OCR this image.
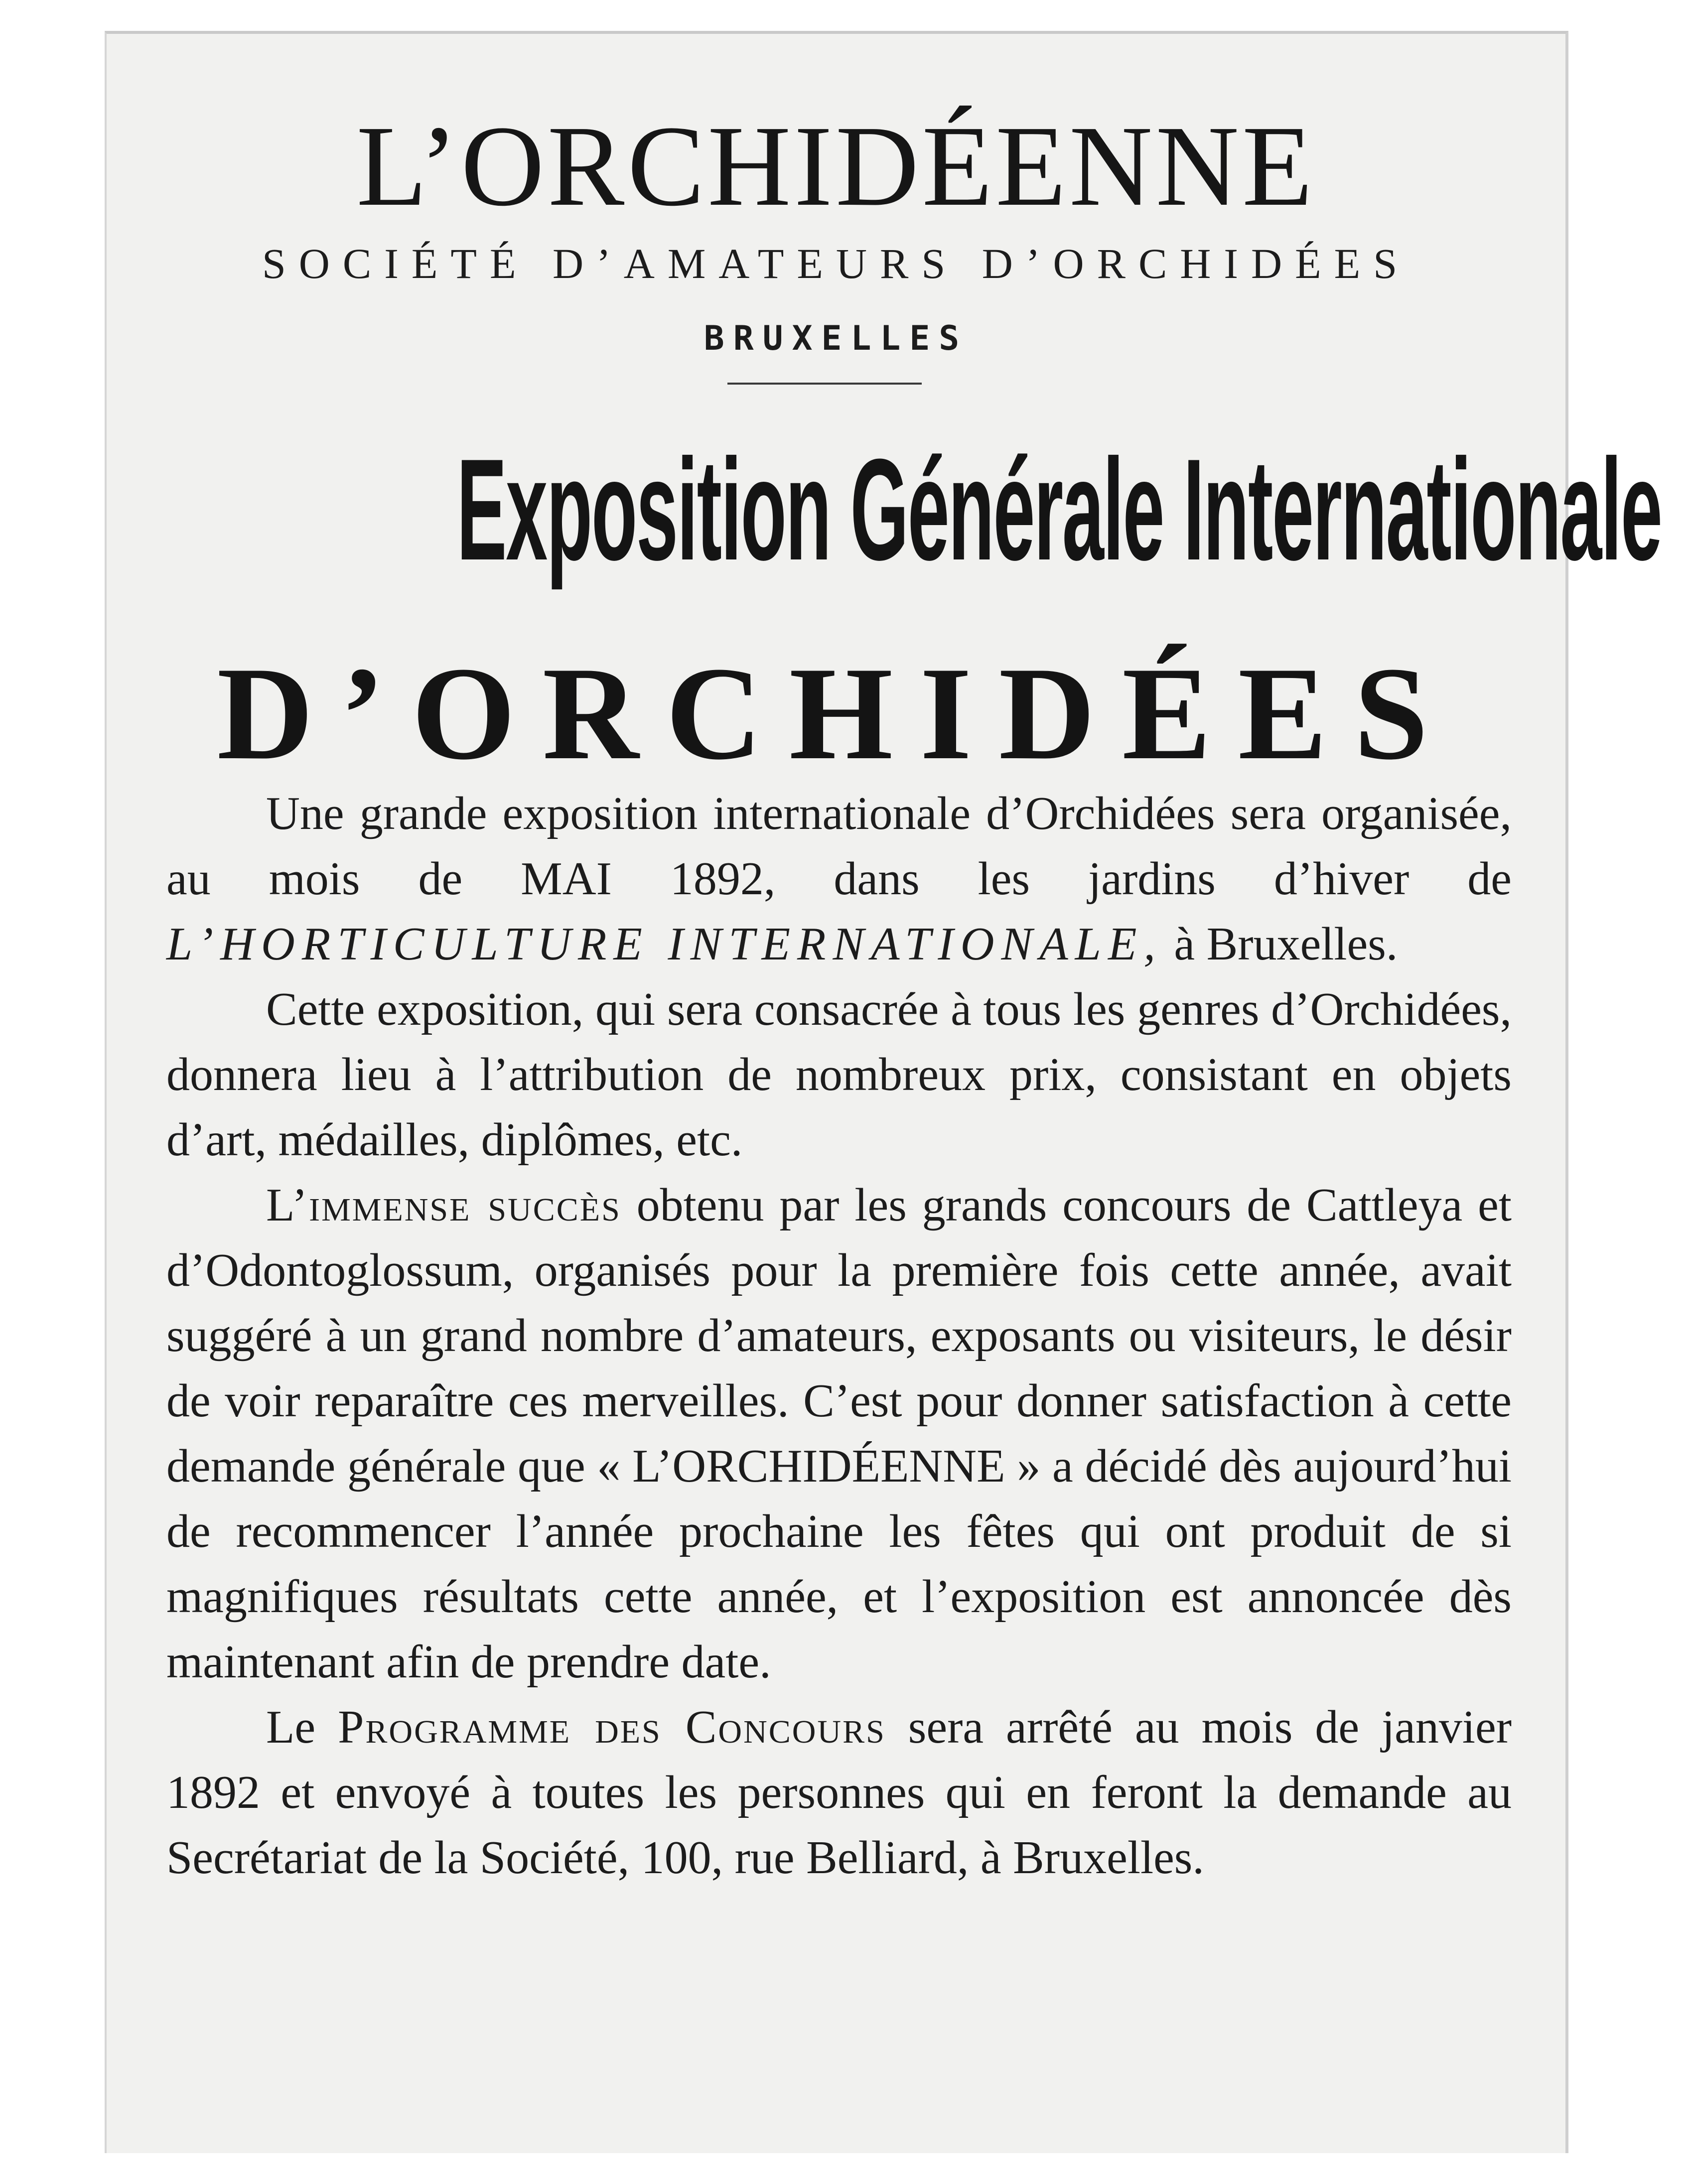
L’ORCHIDÉENNE
SOCIÉTÉ D’AMATEURS D’ORCHIDÉES
BRUXELLES
Exposition Générale Internationale
D’ORCHIDÉES

Une grande exposition internationale d’Orchidées sera organisée, au mois de MAI 1892, dans les jardins d’hiver de L’HORTICULTURE INTERNATIONALE, à Bruxelles.

Cette exposition, qui sera consacrée à tous les genres d’Orchidées, donnera lieu à l’attribution de nombreux prix, consistant en objets d’art, médailles, diplômes, etc.

L’immense succès obtenu par les grands concours de Cattleya et d’Odontoglossum, organisés pour la première fois cette année, avait suggéré à un grand nombre d’amateurs, exposants ou visiteurs, le désir de voir reparaître ces merveilles. C’est pour donner satisfaction à cette demande générale que « L’ORCHIDÉENNE » a décidé dès aujourd’hui de recommencer l’année prochaine les fêtes qui ont produit de si magnifiques résultats cette année, et l’exposition est annoncée dès maintenant afin de prendre date.

Le Programme des Concours sera arrêté au mois de janvier 1892 et envoyé à toutes les personnes qui en feront la demande au Secrétariat de la Société, 100, rue Belliard, à Bruxelles.
